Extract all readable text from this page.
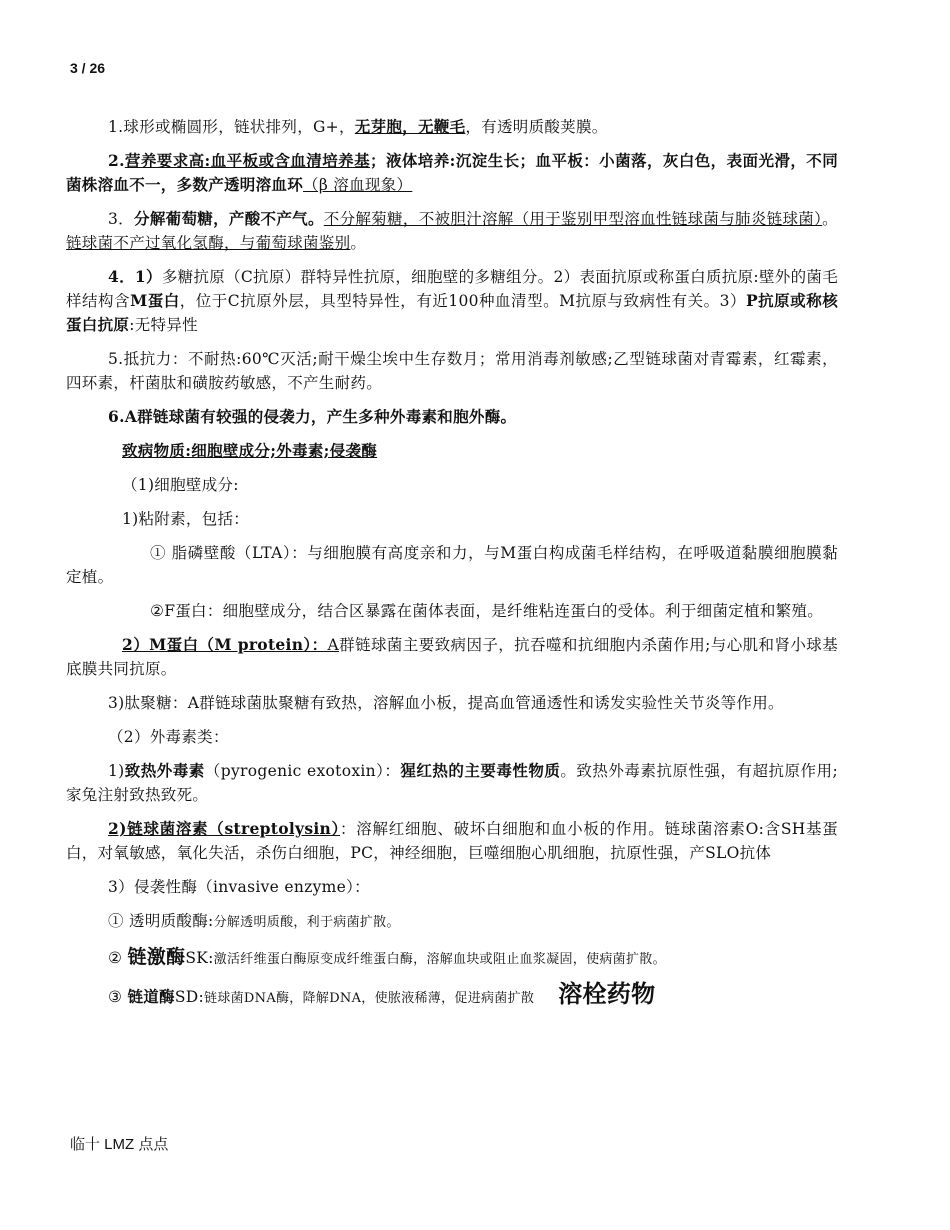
3 / 26

1.球形或椭圆形，链状排列，G+，无芽胞，无鞭毛，有透明质酸荚膜。

2.营养要求高:血平板或含血清培养基；液体培养:沉淀生长；血平板：小菌落，灰白色，表面光滑，不同菌株溶血不一，多数产透明溶血环（β 溶血现象）

3．分解葡萄糖，产酸不产气。不分解菊糖，不被胆汁溶解（用于鉴别甲型溶血性链球菌与肺炎链球菌）。链球菌不产过氧化氢酶，与葡萄球菌鉴别。

4．1）多糖抗原（C抗原）群特异性抗原，细胞壁的多糖组分。2）表面抗原或称蛋白质抗原:壁外的菌毛样结构含M蛋白，位于C抗原外层，具型特异性，有近100种血清型。M抗原与致病性有关。3）P抗原或称核蛋白抗原:无特异性

5.抵抗力：不耐热:60℃灭活;耐干燥尘埃中生存数月；常用消毒剂敏感;乙型链球菌对青霉素，红霉素，四环素，杆菌肽和磺胺药敏感，不产生耐药。

6.A群链球菌有较强的侵袭力，产生多种外毒素和胞外酶。

致病物质:细胞壁成分;外毒素;侵袭酶

（1)细胞壁成分:

1)粘附素，包括：

① 脂磷壁酸（LTA）：与细胞膜有高度亲和力，与M蛋白构成菌毛样结构，在呼吸道黏膜细胞膜黏定植。

②F蛋白：细胞壁成分，结合区暴露在菌体表面，是纤维粘连蛋白的受体。利于细菌定植和繁殖。

2）M蛋白（M protein）：A群链球菌主要致病因子，抗吞噬和抗细胞内杀菌作用;与心肌和肾小球基底膜共同抗原。

3)肽聚糖：A群链球菌肽聚糖有致热，溶解血小板，提高血管通透性和诱发实验性关节炎等作用。

（2）外毒素类：

1)致热外毒素（pyrogenic exotoxin）：猩红热的主要毒性物质。致热外毒素抗原性强，有超抗原作用;家兔注射致热致死。

2)链球菌溶素（streptolysin）：溶解红细胞、破坏白细胞和血小板的作用。链球菌溶素O:含SH基蛋白，对氧敏感，氧化失活，杀伤白细胞，PC，神经细胞，巨噬细胞心肌细胞，抗原性强，产SLO抗体

3）侵袭性酶（invasive enzyme）：

① 透明质酸酶:分解透明质酸，利于病菌扩散。

② 链激酶SK:激活纤维蛋白酶原变成纤维蛋白酶，溶解血块或阻止血浆凝固，使病菌扩散。

③ 链道酶SD:链球菌DNA酶，降解DNA，使脓液稀薄，促进病菌扩散 溶栓药物

临十 LMZ 点点
